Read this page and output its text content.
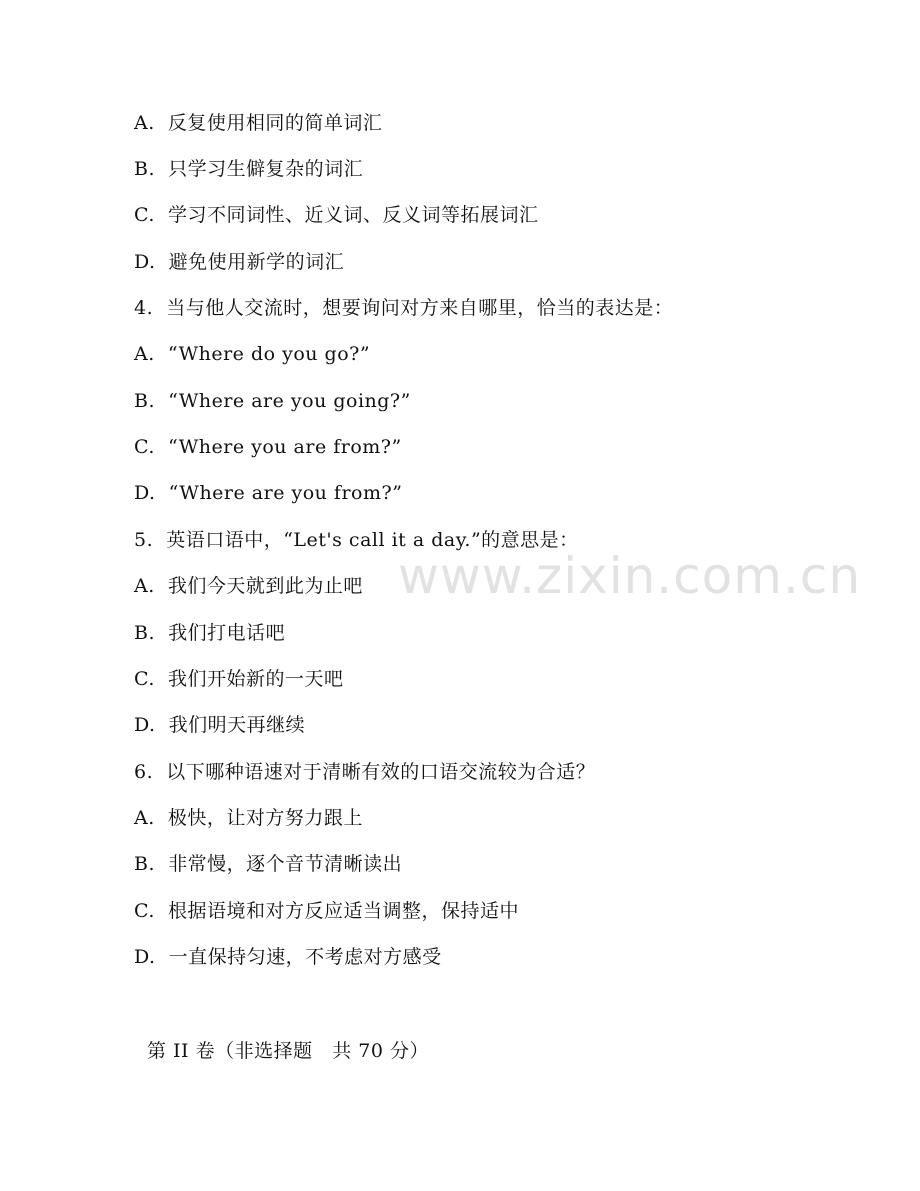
www.zixin.com.cn
A.  反复使用相同的简单词汇
B.  只学习生僻复杂的词汇
C.  学习不同词性、近义词、反义词等拓展词汇
D.  避免使用新学的词汇
4.  当与他人交流时，想要询问对方来自哪里，恰当的表达是：
A.  “Where do you go?”
B.  “Where are you going?”
C.  “Where you are from?”
D.  “Where are you from?”
5.  英语口语中，“Let's call it a day.”的意思是：
A.  我们今天就到此为止吧
B.  我们打电话吧
C.  我们开始新的一天吧
D.  我们明天再继续
6.  以下哪种语速对于清晰有效的口语交流较为合适？
A.  极快，让对方努力跟上
B.  非常慢，逐个音节清晰读出
C.  根据语境和对方反应适当调整，保持适中
D.  一直保持匀速，不考虑对方感受
第 II 卷（非选择题   共 70 分）
